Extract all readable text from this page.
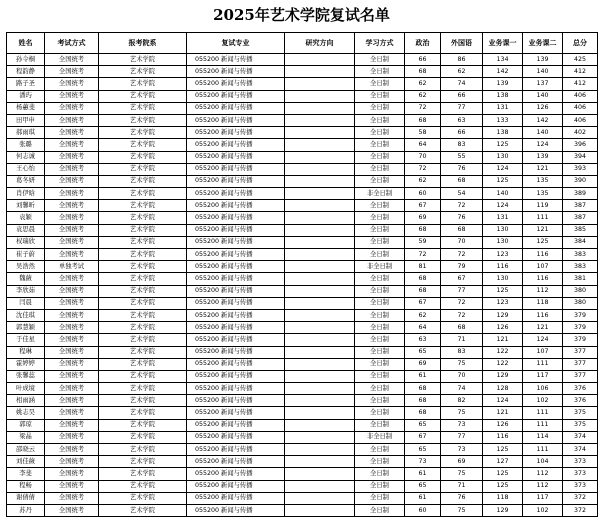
2025年艺术学院复试名单
姓名	考试方式	报考院系	复试专业	研究方向	学习方式	政治	外国语	业务课一	业务课二	总分
孙令桐	全国统考	艺术学院	055200 新闻与传播		全日制	66	86	134	139	425
程韵静	全国统考	艺术学院	055200 新闻与传播		全日制	68	62	142	140	412
路子圣	全国统考	艺术学院	055200 新闻与传播		全日制	62	74	139	137	412
潘玙	全国统考	艺术学院	055200 新闻与传播		全日制	62	66	138	140	406
杨蕙斐	全国统考	艺术学院	055200 新闻与传播		全日制	72	77	131	126	406
田甲申	全国统考	艺术学院	055200 新闻与传播		全日制	68	63	133	142	406
郝雨琪	全国统考	艺术学院	055200 新闻与传播		全日制	58	66	138	140	402
张璐	全国统考	艺术学院	055200 新闻与传播		全日制	64	83	125	124	396
何志诚	全国统考	艺术学院	055200 新闻与传播		全日制	70	55	130	139	394
王心怡	全国统考	艺术学院	055200 新闻与传播		全日制	72	76	124	121	393
葛冬妍	全国统考	艺术学院	055200 新闻与传播		全日制	62	68	125	135	390
肖伊晗	全国统考	艺术学院	055200 新闻与传播		非全日制	60	54	140	135	389
刘馨昕	全国统考	艺术学院	055200 新闻与传播		全日制	67	72	124	119	387
袁颖	全国统考	艺术学院	055200 新闻与传播		全日制	69	76	131	111	387
袁思晨	全国统考	艺术学院	055200 新闻与传播		全日制	68	68	130	121	385
权瑞欣	全国统考	艺术学院	055200 新闻与传播		全日制	59	70	130	125	384
崔子蔚	全国统考	艺术学院	055200 新闻与传播		全日制	72	72	123	116	383
吴浩然	单独考试	艺术学院	055200 新闻与传播		非全日制	81	79	116	107	383
魏薇	全国统考	艺术学院	055200 新闻与传播		全日制	68	67	130	116	381
李欣茹	全国统考	艺术学院	055200 新闻与传播		全日制	68	77	125	112	380
闫晨	全国统考	艺术学院	055200 新闻与传播		全日制	67	72	123	118	380
沈佳琪	全国统考	艺术学院	055200 新闻与传播		全日制	62	72	129	116	379
郭慧颖	全国统考	艺术学院	055200 新闻与传播		全日制	64	68	126	121	379
于佳星	全国统考	艺术学院	055200 新闻与传播		全日制	63	71	121	124	379
程琳	全国统考	艺术学院	055200 新闻与传播		全日制	65	83	122	107	377
霍婷婷	全国统考	艺术学院	055200 新闻与传播		全日制	69	75	122	111	377
张馨蕊	全国统考	艺术学院	055200 新闻与传播		全日制	61	70	129	117	377
叶成境	全国统考	艺术学院	055200 新闻与传播		全日制	68	74	128	106	376
相雨涵	全国统考	艺术学院	055200 新闻与传播		全日制	68	82	124	102	376
姚志昊	全国统考	艺术学院	055200 新闻与传播		全日制	68	75	121	111	375
郭琼	全国统考	艺术学院	055200 新闻与传播		全日制	65	73	126	111	375
梁晶	全国统考	艺术学院	055200 新闻与传播		非全日制	67	77	116	114	374
邵晓云	全国统考	艺术学院	055200 新闻与传播		全日制	65	73	125	111	374
刘佳薇	全国统考	艺术学院	055200 新闻与传播		全日制	73	69	127	104	373
李斐	全国统考	艺术学院	055200 新闻与传播		全日制	61	75	125	112	373
程畅	全国统考	艺术学院	055200 新闻与传播		全日制	65	71	125	112	373
谢倩倩	全国统考	艺术学院	055200 新闻与传播		全日制	61	76	118	117	372
苏丹	全国统考	艺术学院	055200 新闻与传播		全日制	60	75	129	102	372
